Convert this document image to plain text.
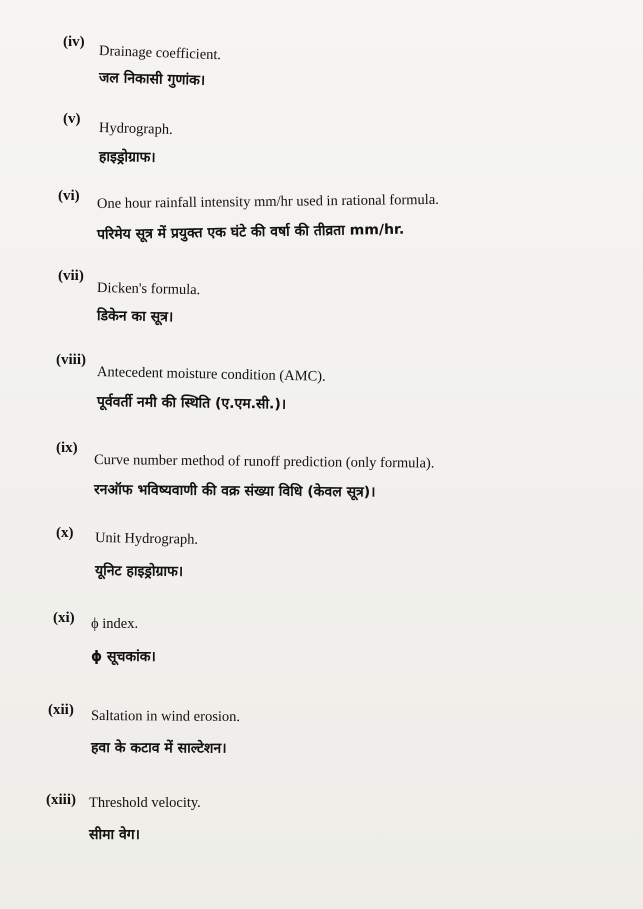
(iv)
Drainage coefficient.
जल निकासी गुणांक।
(v)
Hydrograph.
हाइड्रोग्राफ।
(vi) One hour rainfall intensity mm/hr used in rational formula.
परिमेय सूत्र में प्रयुक्त एक घंटे की वर्षा की तीव्रता mm/hr.
(vii)
Dicken's formula.
डिकेन का सूत्र।
(viii)
Antecedent moisture condition (AMC).
पूर्ववर्ती नमी की स्थिति (ए.एम.सी.)।
(ix)
Curve number method of runoff prediction (only formula).
रनऑफ भविष्यवाणी की वक्र संख्या विधि (केवल सूत्र)।
(x) Unit Hydrograph.
यूनिट हाइड्रोग्राफ।
(xi) ϕ index.
ϕ सूचकांक।
(xii) Saltation in wind erosion.
हवा के कटाव में साल्टेशन।
(xiii) Threshold velocity.
सीमा वेग।
